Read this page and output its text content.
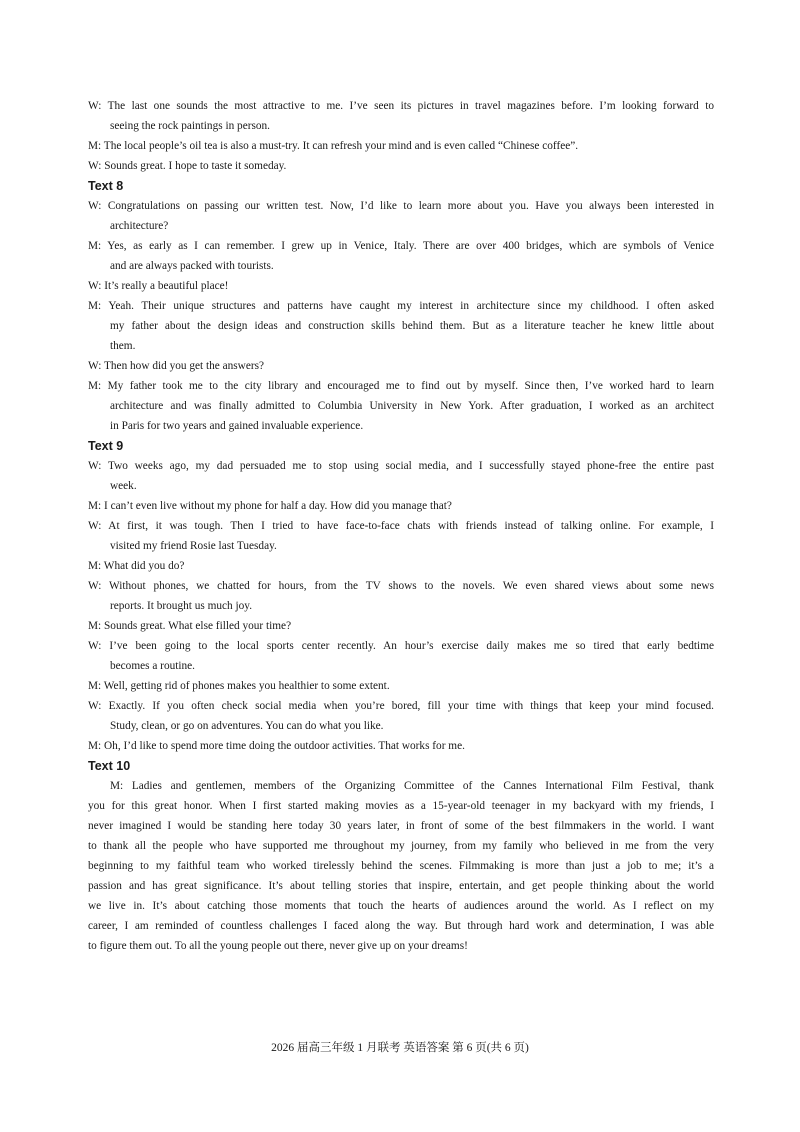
W: The last one sounds the most attractive to me. I’ve seen its pictures in travel magazines before. I’m looking forward to
seeing the rock paintings in person.
M: The local people’s oil tea is also a must-try. It can refresh your mind and is even called “Chinese coffee”.
W: Sounds great. I hope to taste it someday.
Text 8
W: Congratulations on passing our written test. Now, I’d like to learn more about you. Have you always been interested in
architecture?
M: Yes, as early as I can remember. I grew up in Venice, Italy. There are over 400 bridges, which are symbols of Venice
and are always packed with tourists.
W: It’s really a beautiful place!
M: Yeah. Their unique structures and patterns have caught my interest in architecture since my childhood. I often asked
my father about the design ideas and construction skills behind them. But as a literature teacher he knew little about
them.
W: Then how did you get the answers?
M: My father took me to the city library and encouraged me to find out by myself. Since then, I’ve worked hard to learn
architecture and was finally admitted to Columbia University in New York. After graduation, I worked as an architect
in Paris for two years and gained invaluable experience.
Text 9
W: Two weeks ago, my dad persuaded me to stop using social media, and I successfully stayed phone-free the entire past
week.
M: I can’t even live without my phone for half a day. How did you manage that?
W: At first, it was tough. Then I tried to have face-to-face chats with friends instead of talking online. For example, I
visited my friend Rosie last Tuesday.
M: What did you do?
W: Without phones, we chatted for hours, from the TV shows to the novels. We even shared views about some news
reports. It brought us much joy.
M: Sounds great. What else filled your time?
W: I’ve been going to the local sports center recently. An hour’s exercise daily makes me so tired that early bedtime
becomes a routine.
M: Well, getting rid of phones makes you healthier to some extent.
W: Exactly. If you often check social media when you’re bored, fill your time with things that keep your mind focused.
Study, clean, or go on adventures. You can do what you like.
M: Oh, I’d like to spend more time doing the outdoor activities. That works for me.
Text 10
M: Ladies and gentlemen, members of the Organizing Committee of the Cannes International Film Festival, thank
you for this great honor. When I first started making movies as a 15-year-old teenager in my backyard with my friends, I
never imagined I would be standing here today 30 years later, in front of some of the best filmmakers in the world. I want
to thank all the people who have supported me throughout my journey, from my family who believed in me from the very
beginning to my faithful team who worked tirelessly behind the scenes. Filmmaking is more than just a job to me; it’s a
passion and has great significance. It’s about telling stories that inspire, entertain, and get people thinking about the world
we live in. It’s about catching those moments that touch the hearts of audiences around the world. As I reflect on my
career, I am reminded of countless challenges I faced along the way. But through hard work and determination, I was able
to figure them out. To all the young people out there, never give up on your dreams!
2026 届高三年级 1 月联考 英语答案 第 6 页(共 6 页)
